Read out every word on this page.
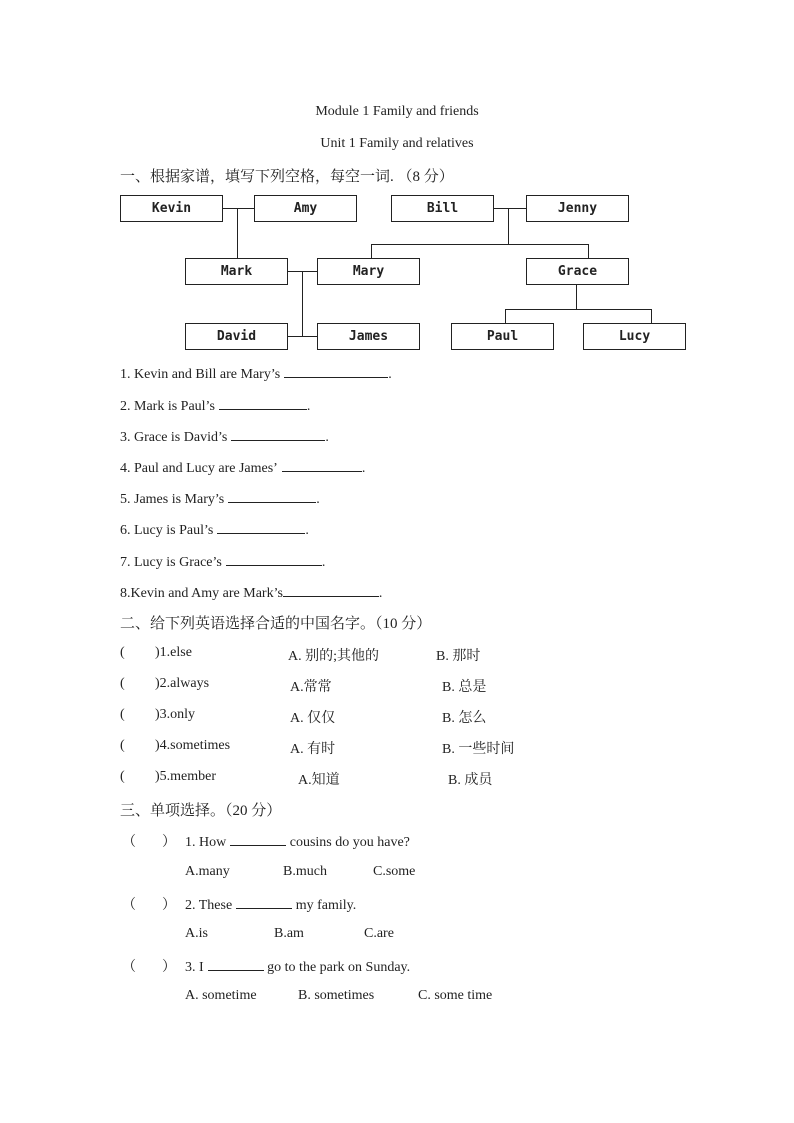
Module 1 Family and friends
Unit 1 Family and relatives
一、根据家谱，填写下列空格，每空一词. （8 分）
Kevin	Amy	Bill	Jenny
Mark	Mary	Grace
David	James	Paul	Lucy
1. Kevin and Bill are Mary’s	.
2. Mark is Paul’s	.
3. Grace is David’s	.
4. Paul and Lucy are James’	.
5. James is Mary’s	.
6. Lucy is Paul’s	.
7. Lucy is Grace’s	.
8.Kevin and Amy are Mark’s	.
二、给下列英语选择合适的中国名字。（10 分）
( )1.else	A. 别的;其他的	B. 那时
( )2.always	A.常常	B. 总是
( )3.only	A. 仅仅	B. 怎么
( )4.sometimes	A. 有时	B. 一些时间
( )5.member	A.知道	B. 成员
三、单项选择。（20 分）
（ ） 1. How	cousins do you have?
A.many	B.much	C.some
（ ） 2. These	my family.
A.is	B.am	C.are
（ ） 3. I	go to the park on Sunday.
A. sometime	B. sometimes	C. some time
